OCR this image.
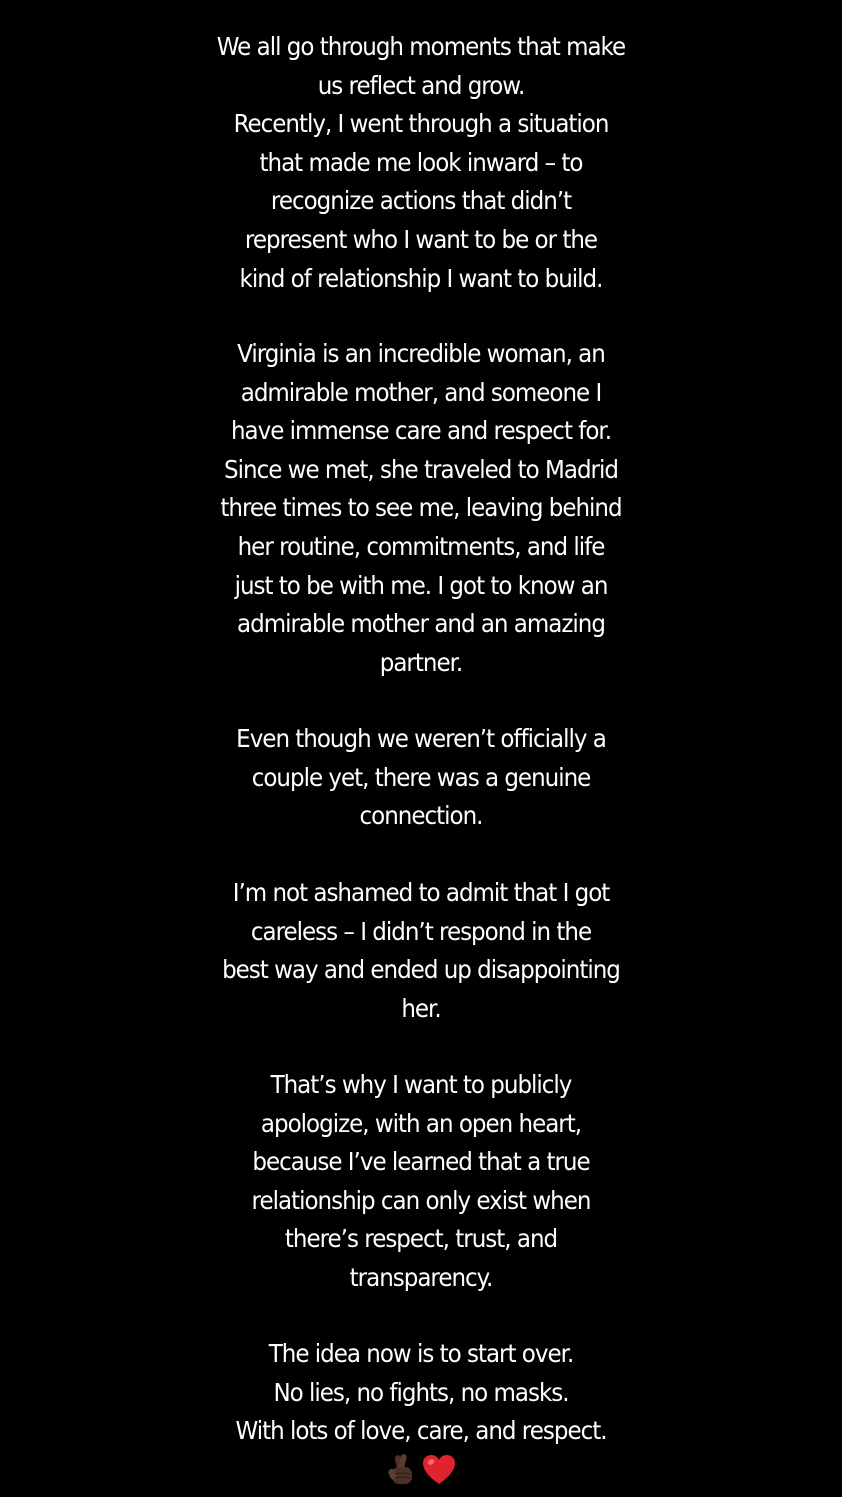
We all go through moments that make
us reflect and grow.
Recently, I went through a situation
that made me look inward – to
recognize actions that didn’t
represent who I want to be or the
kind of relationship I want to build.
Virginia is an incredible woman, an
admirable mother, and someone I
have immense care and respect for.
Since we met, she traveled to Madrid
three times to see me, leaving behind
her routine, commitments, and life
just to be with me. I got to know an
admirable mother and an amazing
partner.
Even though we weren’t officially a
couple yet, there was a genuine
connection.
I’m not ashamed to admit that I got
careless – I didn’t respond in the
best way and ended up disappointing
her.
That’s why I want to publicly
apologize, with an open heart,
because I’ve learned that a true
relationship can only exist when
there’s respect, trust, and
transparency.
The idea now is to start over.
No lies, no fights, no masks.
With lots of love, care, and respect.
